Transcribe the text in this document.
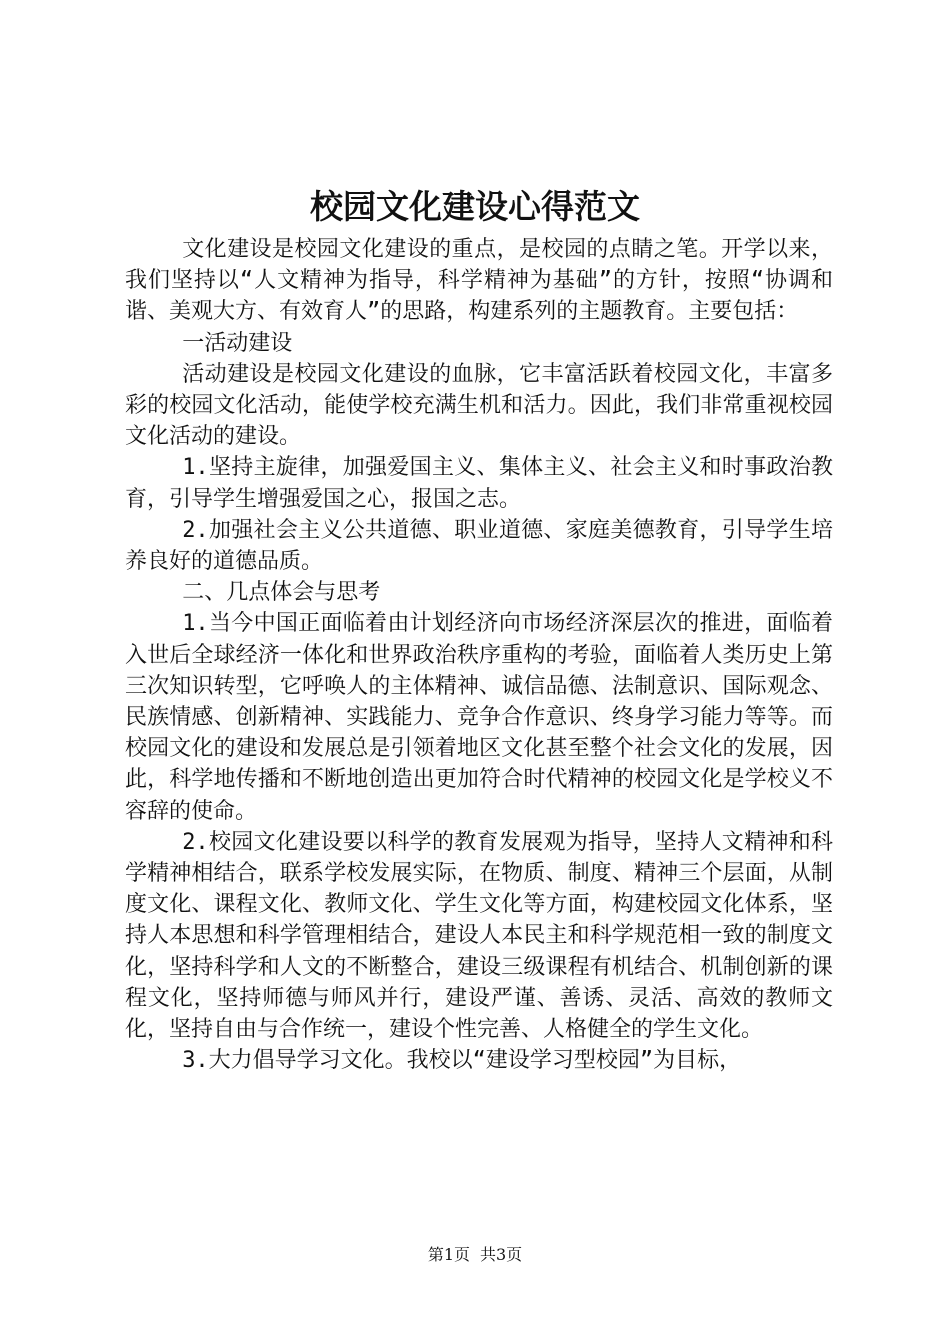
校园文化建设心得范文

文化建设是校园文化建设的重点，是校园的点睛之笔。开学以来，我们坚持以“人文精神为指导，科学精神为基础”的方针，按照“协调和谐、美观大方、有效育人”的思路，构建系列的主题教育。主要包括：

一活动建设

活动建设是校园文化建设的血脉，它丰富活跃着校园文化，丰富多彩的校园文化活动，能使学校充满生机和活力。因此，我们非常重视校园文化活动的建设。

1.坚持主旋律，加强爱国主义、集体主义、社会主义和时事政治教育，引导学生增强爱国之心，报国之志。

2.加强社会主义公共道德、职业道德、家庭美德教育，引导学生培养良好的道德品质。

二、几点体会与思考

1.当今中国正面临着由计划经济向市场经济深层次的推进，面临着入世后全球经济一体化和世界政治秩序重构的考验，面临着人类历史上第三次知识转型，它呼唤人的主体精神、诚信品德、法制意识、国际观念、民族情感、创新精神、实践能力、竞争合作意识、终身学习能力等等。而校园文化的建设和发展总是引领着地区文化甚至整个社会文化的发展，因此，科学地传播和不断地创造出更加符合时代精神的校园文化是学校义不容辞的使命。

2.校园文化建设要以科学的教育发展观为指导，坚持人文精神和科学精神相结合，联系学校发展实际，在物质、制度、精神三个层面，从制度文化、课程文化、教师文化、学生文化等方面，构建校园文化体系，坚持人本思想和科学管理相结合，建设人本民主和科学规范相一致的制度文化，坚持科学和人文的不断整合，建设三级课程有机结合、机制创新的课程文化，坚持师德与师风并行，建设严谨、善诱、灵活、高效的教师文化，坚持自由与合作统一，建设个性完善、人格健全的学生文化。

3.大力倡导学习文化。我校以“建设学习型校园”为目标，

第1页 共3页
